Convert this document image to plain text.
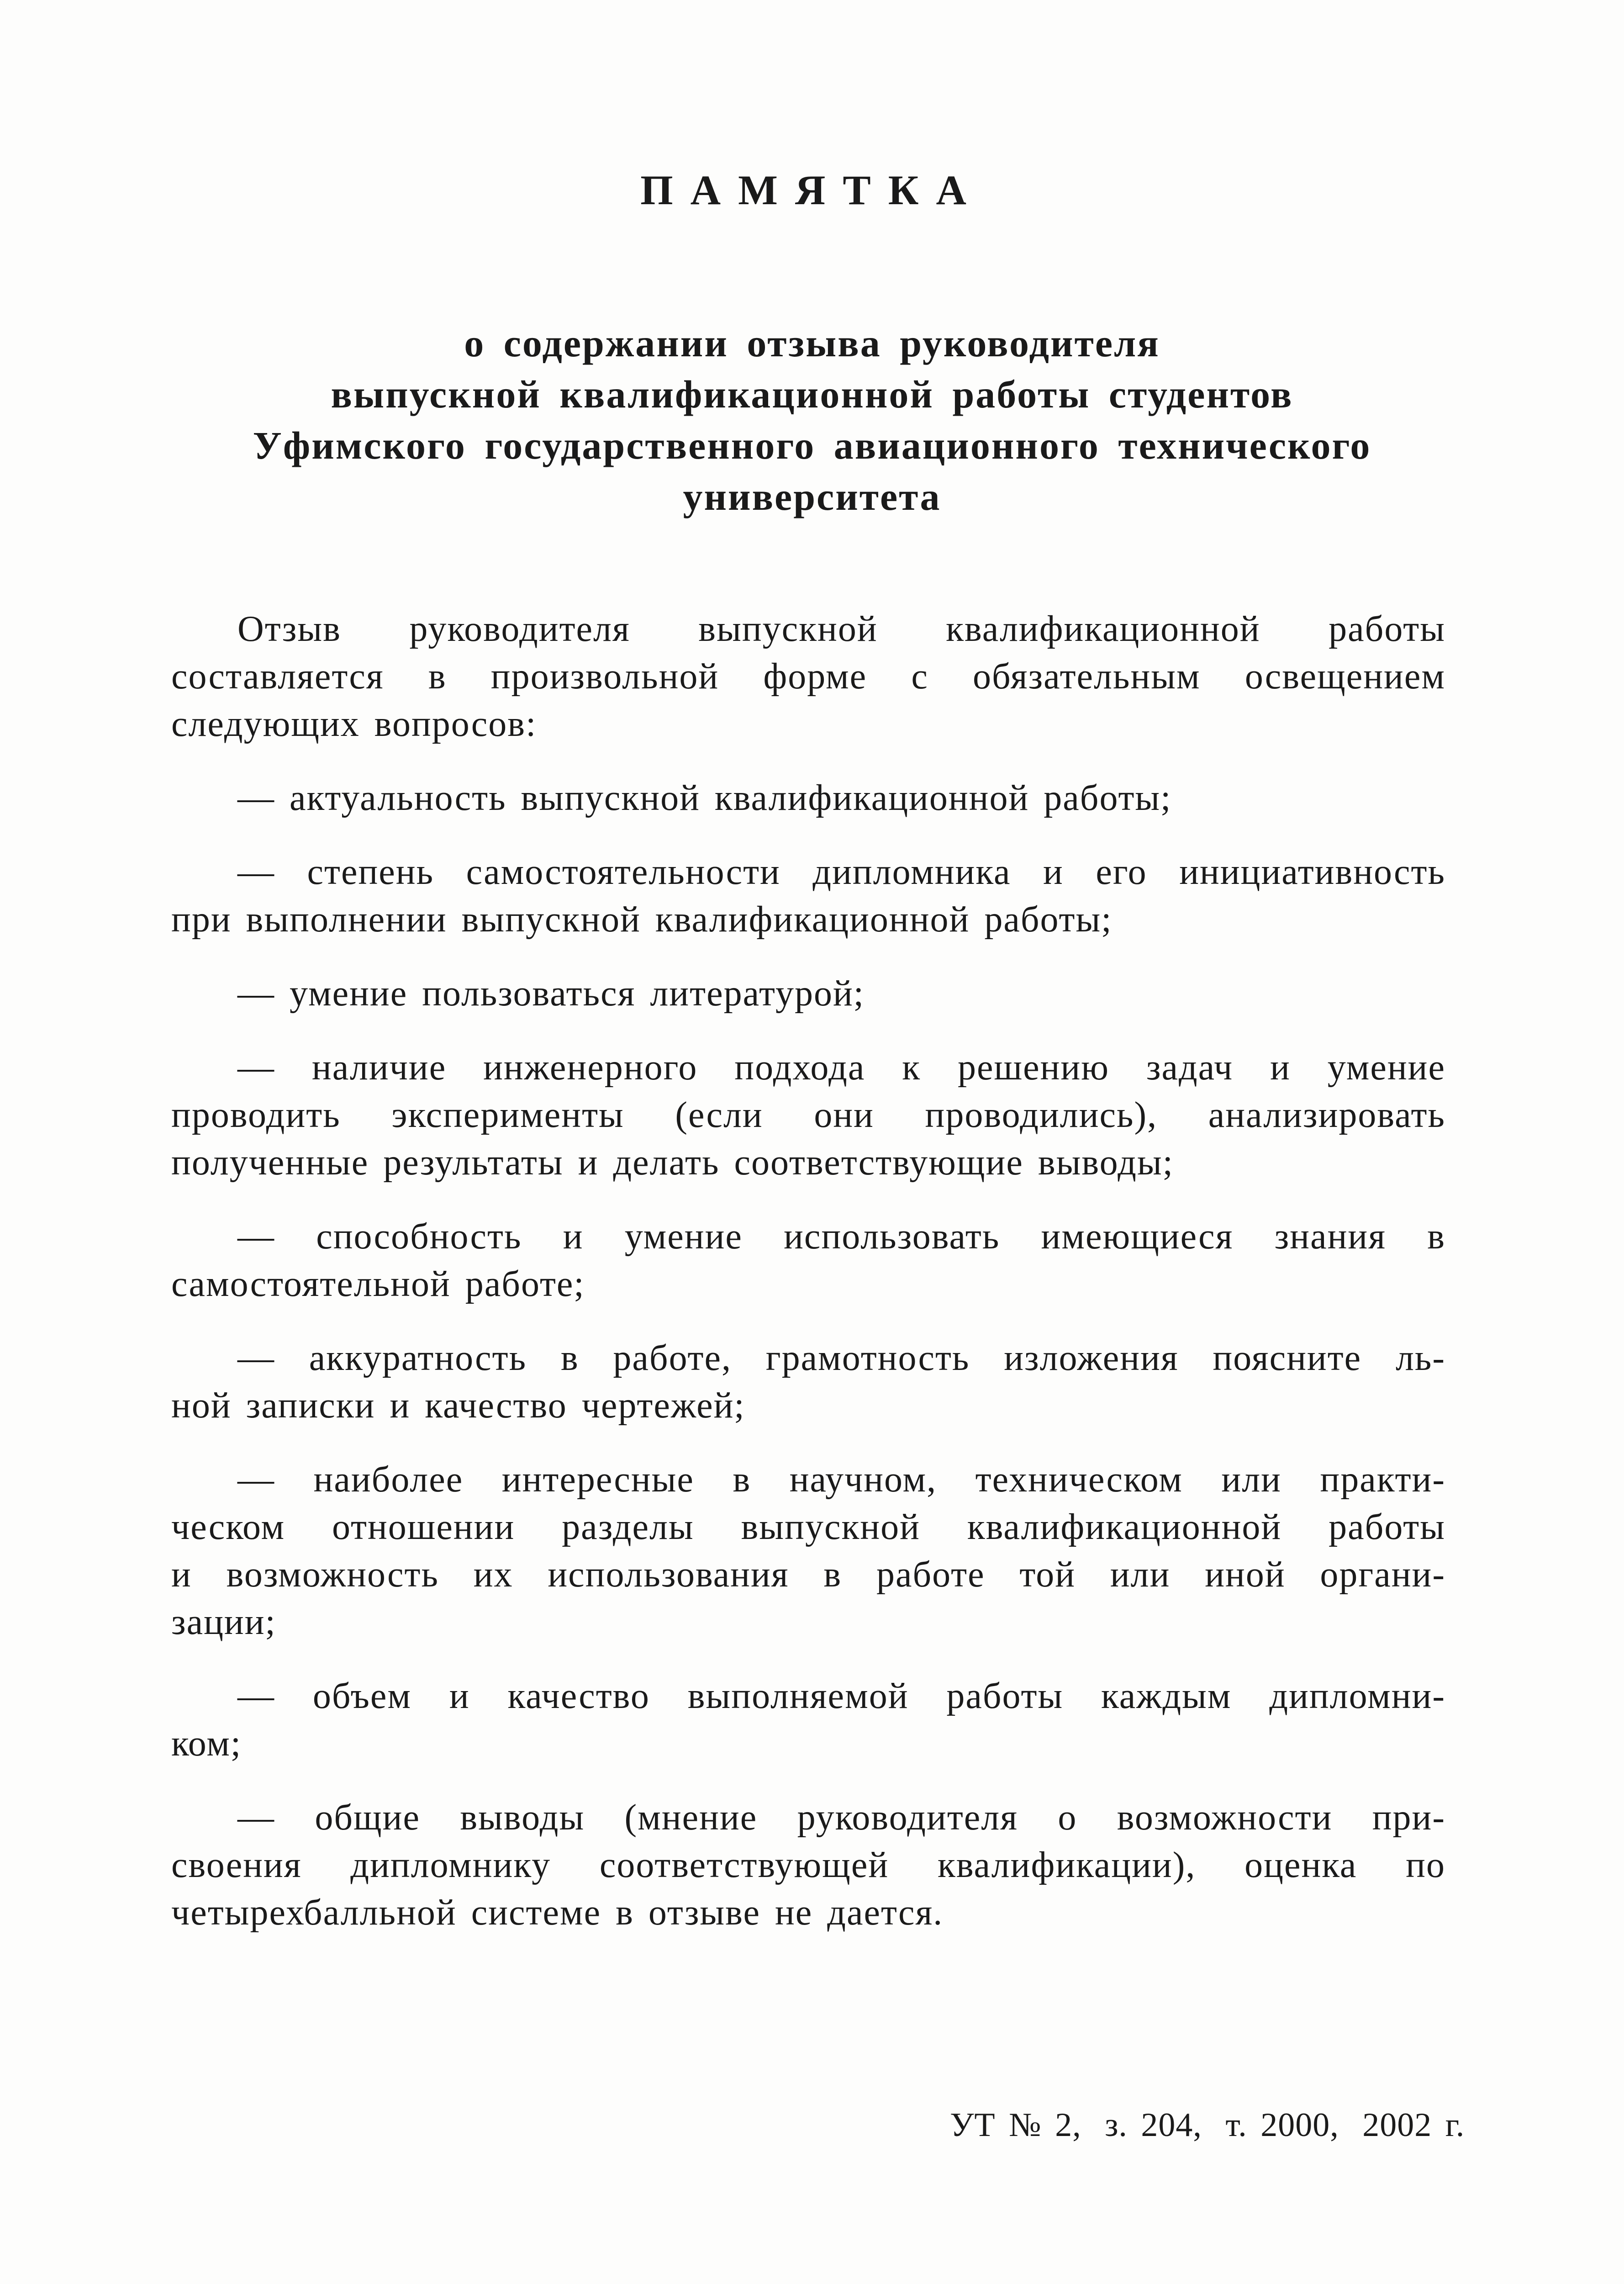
ПАМЯТКА
о содержании отзыва руководителя
выпускной квалификационной работы студентов
Уфимского государственного авиационного технического
университета

Отзыв руководителя выпускной квалификационной работы
составляется в произвольной форме с обязательным освещением
следующих вопросов:

— актуальность выпускной квалификационной работы;

— степень самостоятельности дипломника и его инициативность
при выполнении выпускной квалификационной работы;

— умение пользоваться литературой;

— наличие инженерного подхода к решению задач и умение
проводить эксперименты (если они проводились), анализировать
полученные результаты и делать соответствующие выводы;

— способность и умение использовать имеющиеся знания в
самостоятельной работе;

— аккуратность в работе, грамотность изложения поясните ль-
ной записки и качество чертежей;

— наиболее интересные в научном, техническом или практи-
ческом отношении разделы выпускной квалификационной работы
и возможность их использования в работе той или иной органи-
зации;

— объем и качество выполняемой работы каждым дипломни-
ком;

— общие выводы (мнение руководителя о возможности при-
своения дипломнику соответствующей квалификации), оценка по
четырехбалльной системе в отзыве не дается.

УТ № 2, з. 204, т. 2000, 2002 г.
